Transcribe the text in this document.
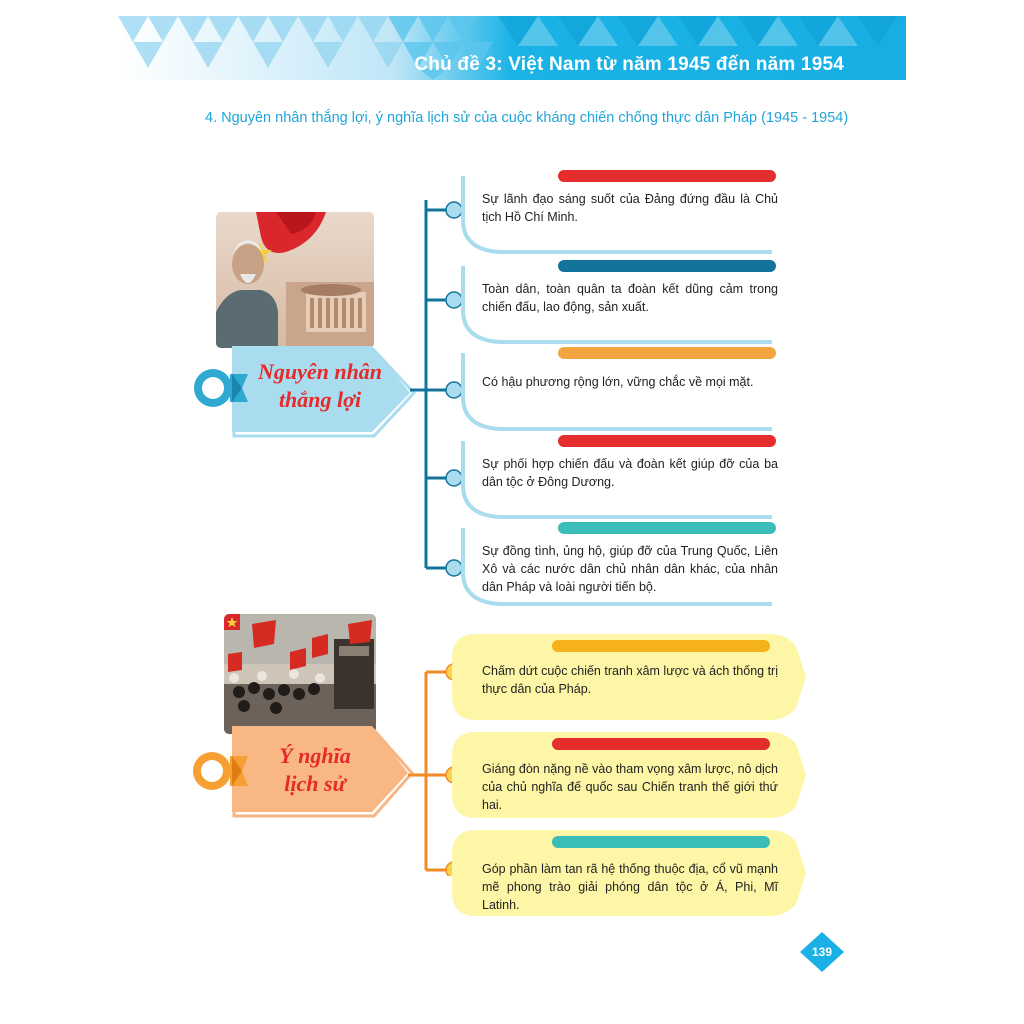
Chủ đề 3: Việt Nam từ năm 1945 đến năm 1954
4. Nguyên nhân thắng lợi, ý nghĩa lịch sử của cuộc kháng chiến chống thực dân Pháp (1945 - 1954)
Nguyên nhân
thắng lợi
Sự lãnh đạo sáng suốt của Đảng đứng đầu là Chủ tịch Hồ Chí Minh.
Toàn dân, toàn quân ta đoàn kết dũng cảm trong chiến đấu, lao động, sản xuất.
Có hậu phương rộng lớn, vững chắc về mọi mặt.
Sự phối hợp chiến đấu và đoàn kết giúp đỡ của ba dân tộc ở Đông Dương.
Sự đồng tình, ủng hộ, giúp đỡ của Trung Quốc, Liên Xô và các nước dân chủ nhân dân khác, của nhân dân Pháp và loài người tiến bộ.
Ý nghĩa
lịch sử
Chấm dứt cuộc chiến tranh xâm lược và ách thống trị thực dân của Pháp.
Giáng đòn nặng nề vào tham vọng xâm lược, nô dịch của chủ nghĩa đế quốc sau Chiến tranh thế giới thứ hai.
Góp phần làm tan rã hệ thống thuộc địa, cổ vũ mạnh mẽ phong trào giải phóng dân tộc ở Á, Phi, Mĩ Latinh.
139
